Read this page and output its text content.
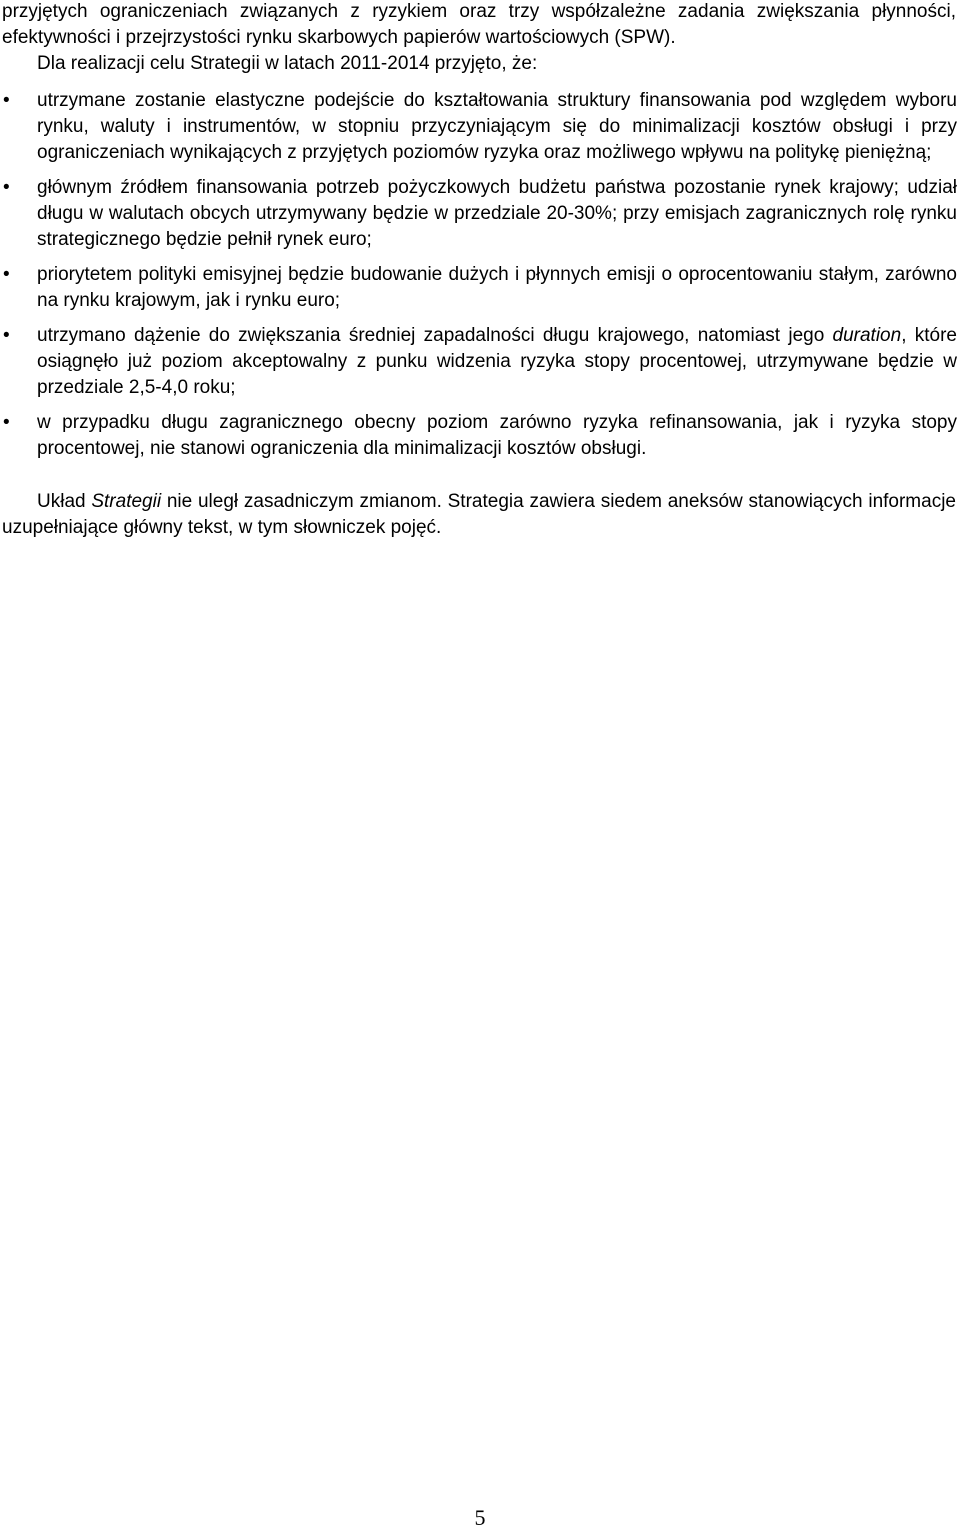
przyjętych ograniczeniach związanych z ryzykiem oraz trzy współzależne zadania zwiększania płynności, efektywności i przejrzystości rynku skarbowych papierów wartościowych (SPW).

Dla realizacji celu Strategii w latach 2011-2014 przyjęto, że:

• utrzymane zostanie elastyczne podejście do kształtowania struktury finansowania pod względem wyboru rynku, waluty i instrumentów, w stopniu przyczyniającym się do minimalizacji kosztów obsługi i przy ograniczeniach wynikających z przyjętych poziomów ryzyka oraz możliwego wpływu na politykę pieniężną;
• głównym źródłem finansowania potrzeb pożyczkowych budżetu państwa pozostanie rynek krajowy; udział długu w walutach obcych utrzymywany będzie w przedziale 20-30%; przy emisjach zagranicznych rolę rynku strategicznego będzie pełnił rynek euro;
• priorytetem polityki emisyjnej będzie budowanie dużych i płynnych emisji o oprocentowaniu stałym, zarówno na rynku krajowym, jak i rynku euro;
• utrzymano dążenie do zwiększania średniej zapadalności długu krajowego, natomiast jego duration, które osiągnęło już poziom akceptowalny z punku widzenia ryzyka stopy procentowej, utrzymywane będzie w przedziale 2,5-4,0 roku;
• w przypadku długu zagranicznego obecny poziom zarówno ryzyka refinansowania, jak i ryzyka stopy procentowej, nie stanowi ograniczenia dla minimalizacji kosztów obsługi.

Układ Strategii nie uległ zasadniczym zmianom. Strategia zawiera siedem aneksów stanowiących informacje uzupełniające główny tekst, w tym słowniczek pojęć.

5
